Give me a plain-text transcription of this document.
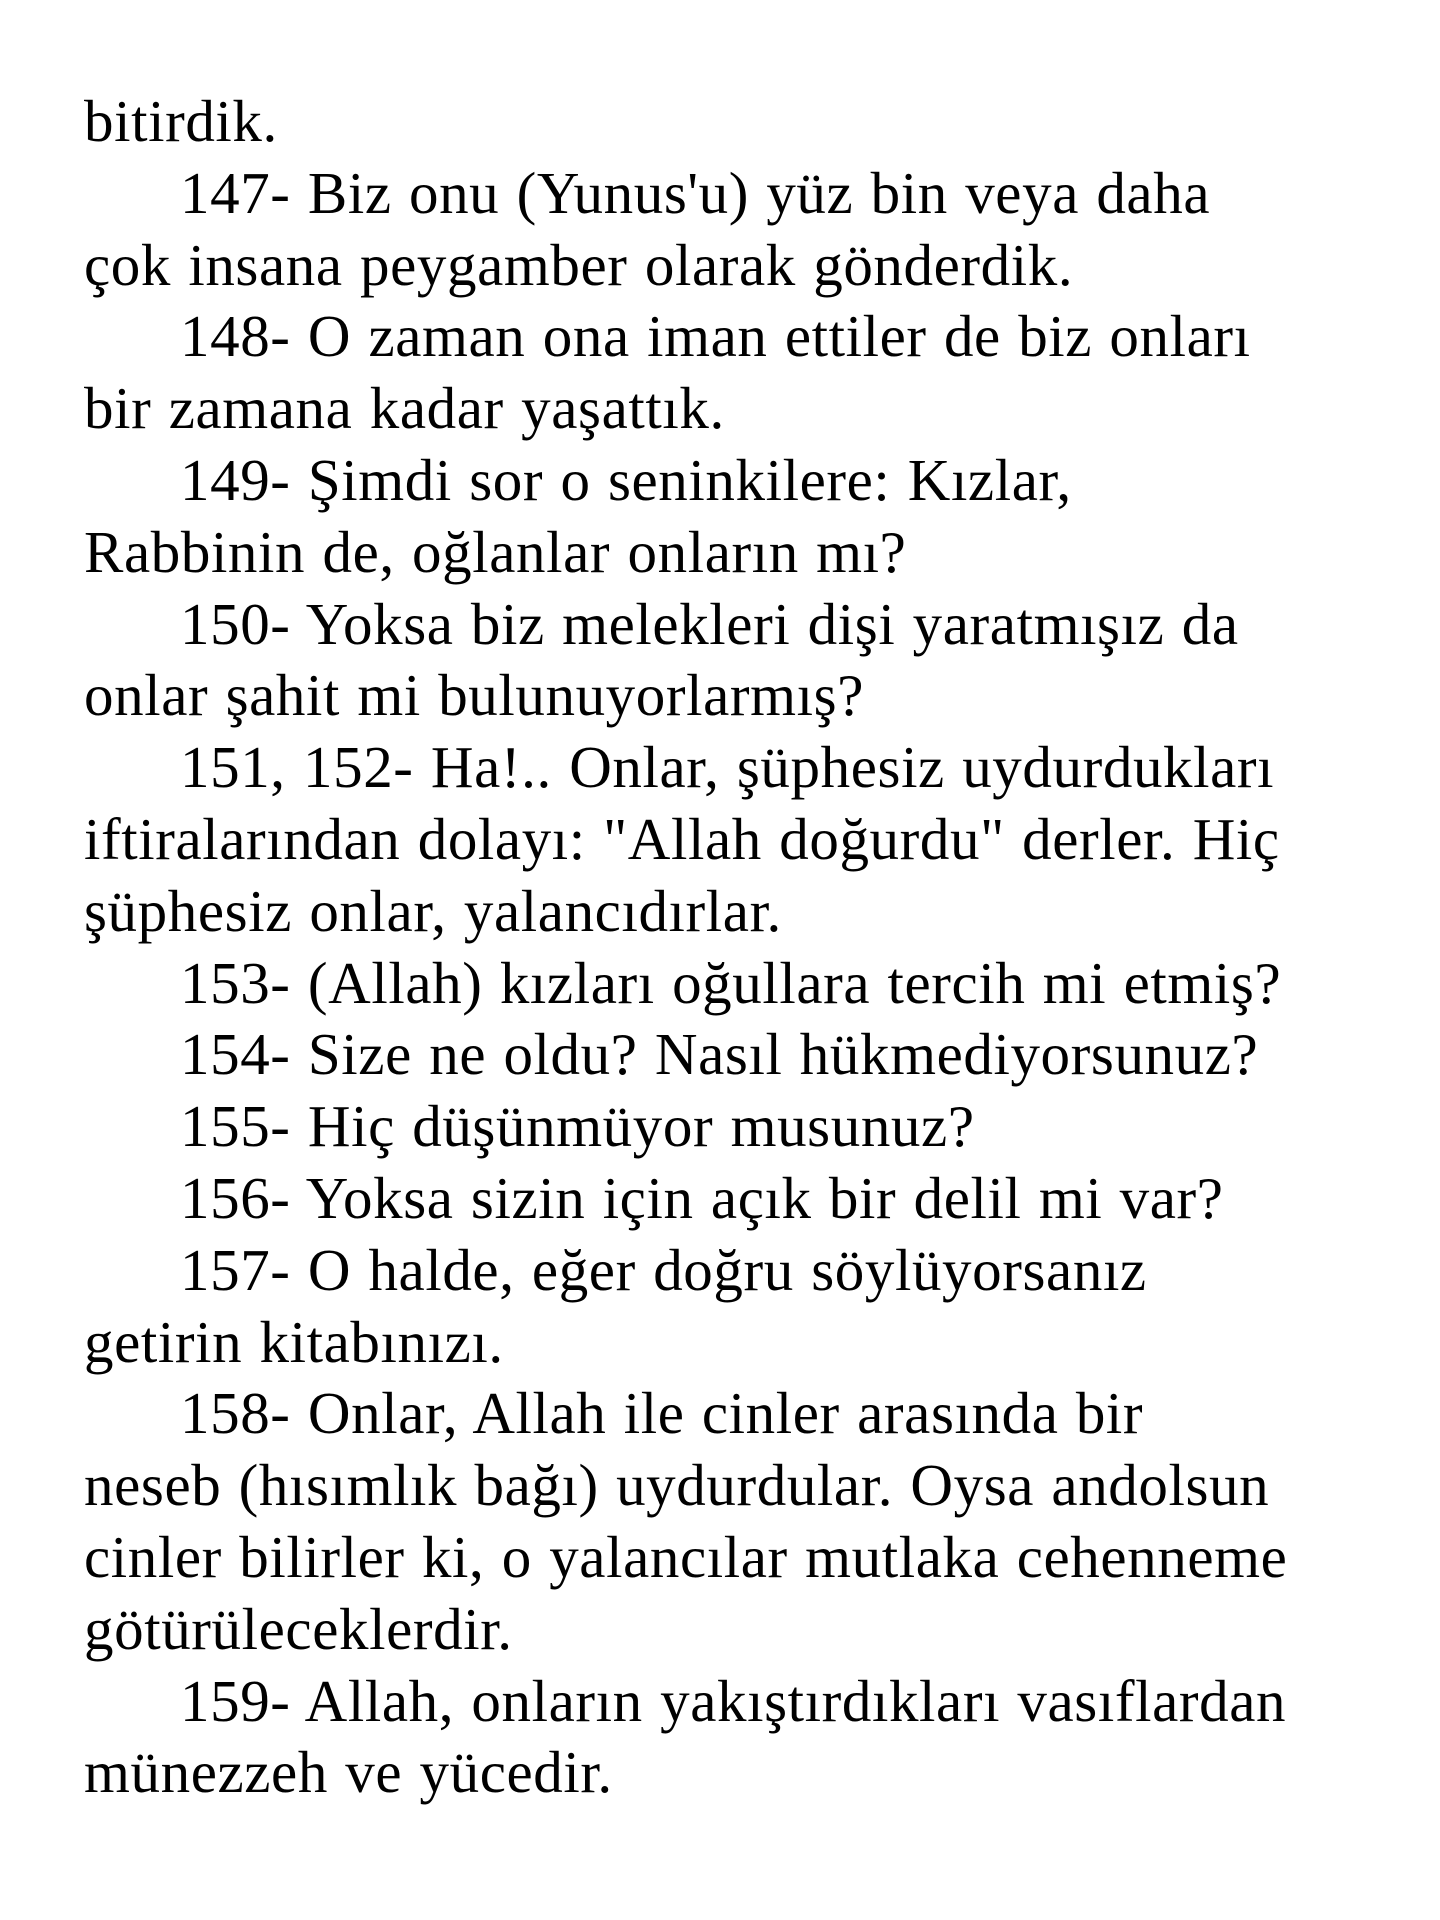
bitirdik.
147- Biz onu (Yunus'u) yüz bin veya daha
çok insana peygamber olarak gönderdik.
148- O zaman ona iman ettiler de biz onları
bir zamana kadar yaşattık.
149- Şimdi sor o seninkilere: Kızlar,
Rabbinin de, oğlanlar onların mı?
150- Yoksa biz melekleri dişi yaratmışız da
onlar şahit mi bulunuyorlarmış?
151, 152- Ha!.. Onlar, şüphesiz uydurdukları
iftiralarından dolayı: "Allah doğurdu" derler. Hiç
şüphesiz onlar, yalancıdırlar.
153- (Allah) kızları oğullara tercih mi etmiş?
154- Size ne oldu? Nasıl hükmediyorsunuz?
155- Hiç düşünmüyor musunuz?
156- Yoksa sizin için açık bir delil mi var?
157- O halde, eğer doğru söylüyorsanız
getirin kitabınızı.
158- Onlar, Allah ile cinler arasında bir
neseb (hısımlık bağı) uydurdular. Oysa andolsun
cinler bilirler ki, o yalancılar mutlaka cehenneme
götürüleceklerdir.
159- Allah, onların yakıştırdıkları vasıflardan
münezzeh ve yücedir.
